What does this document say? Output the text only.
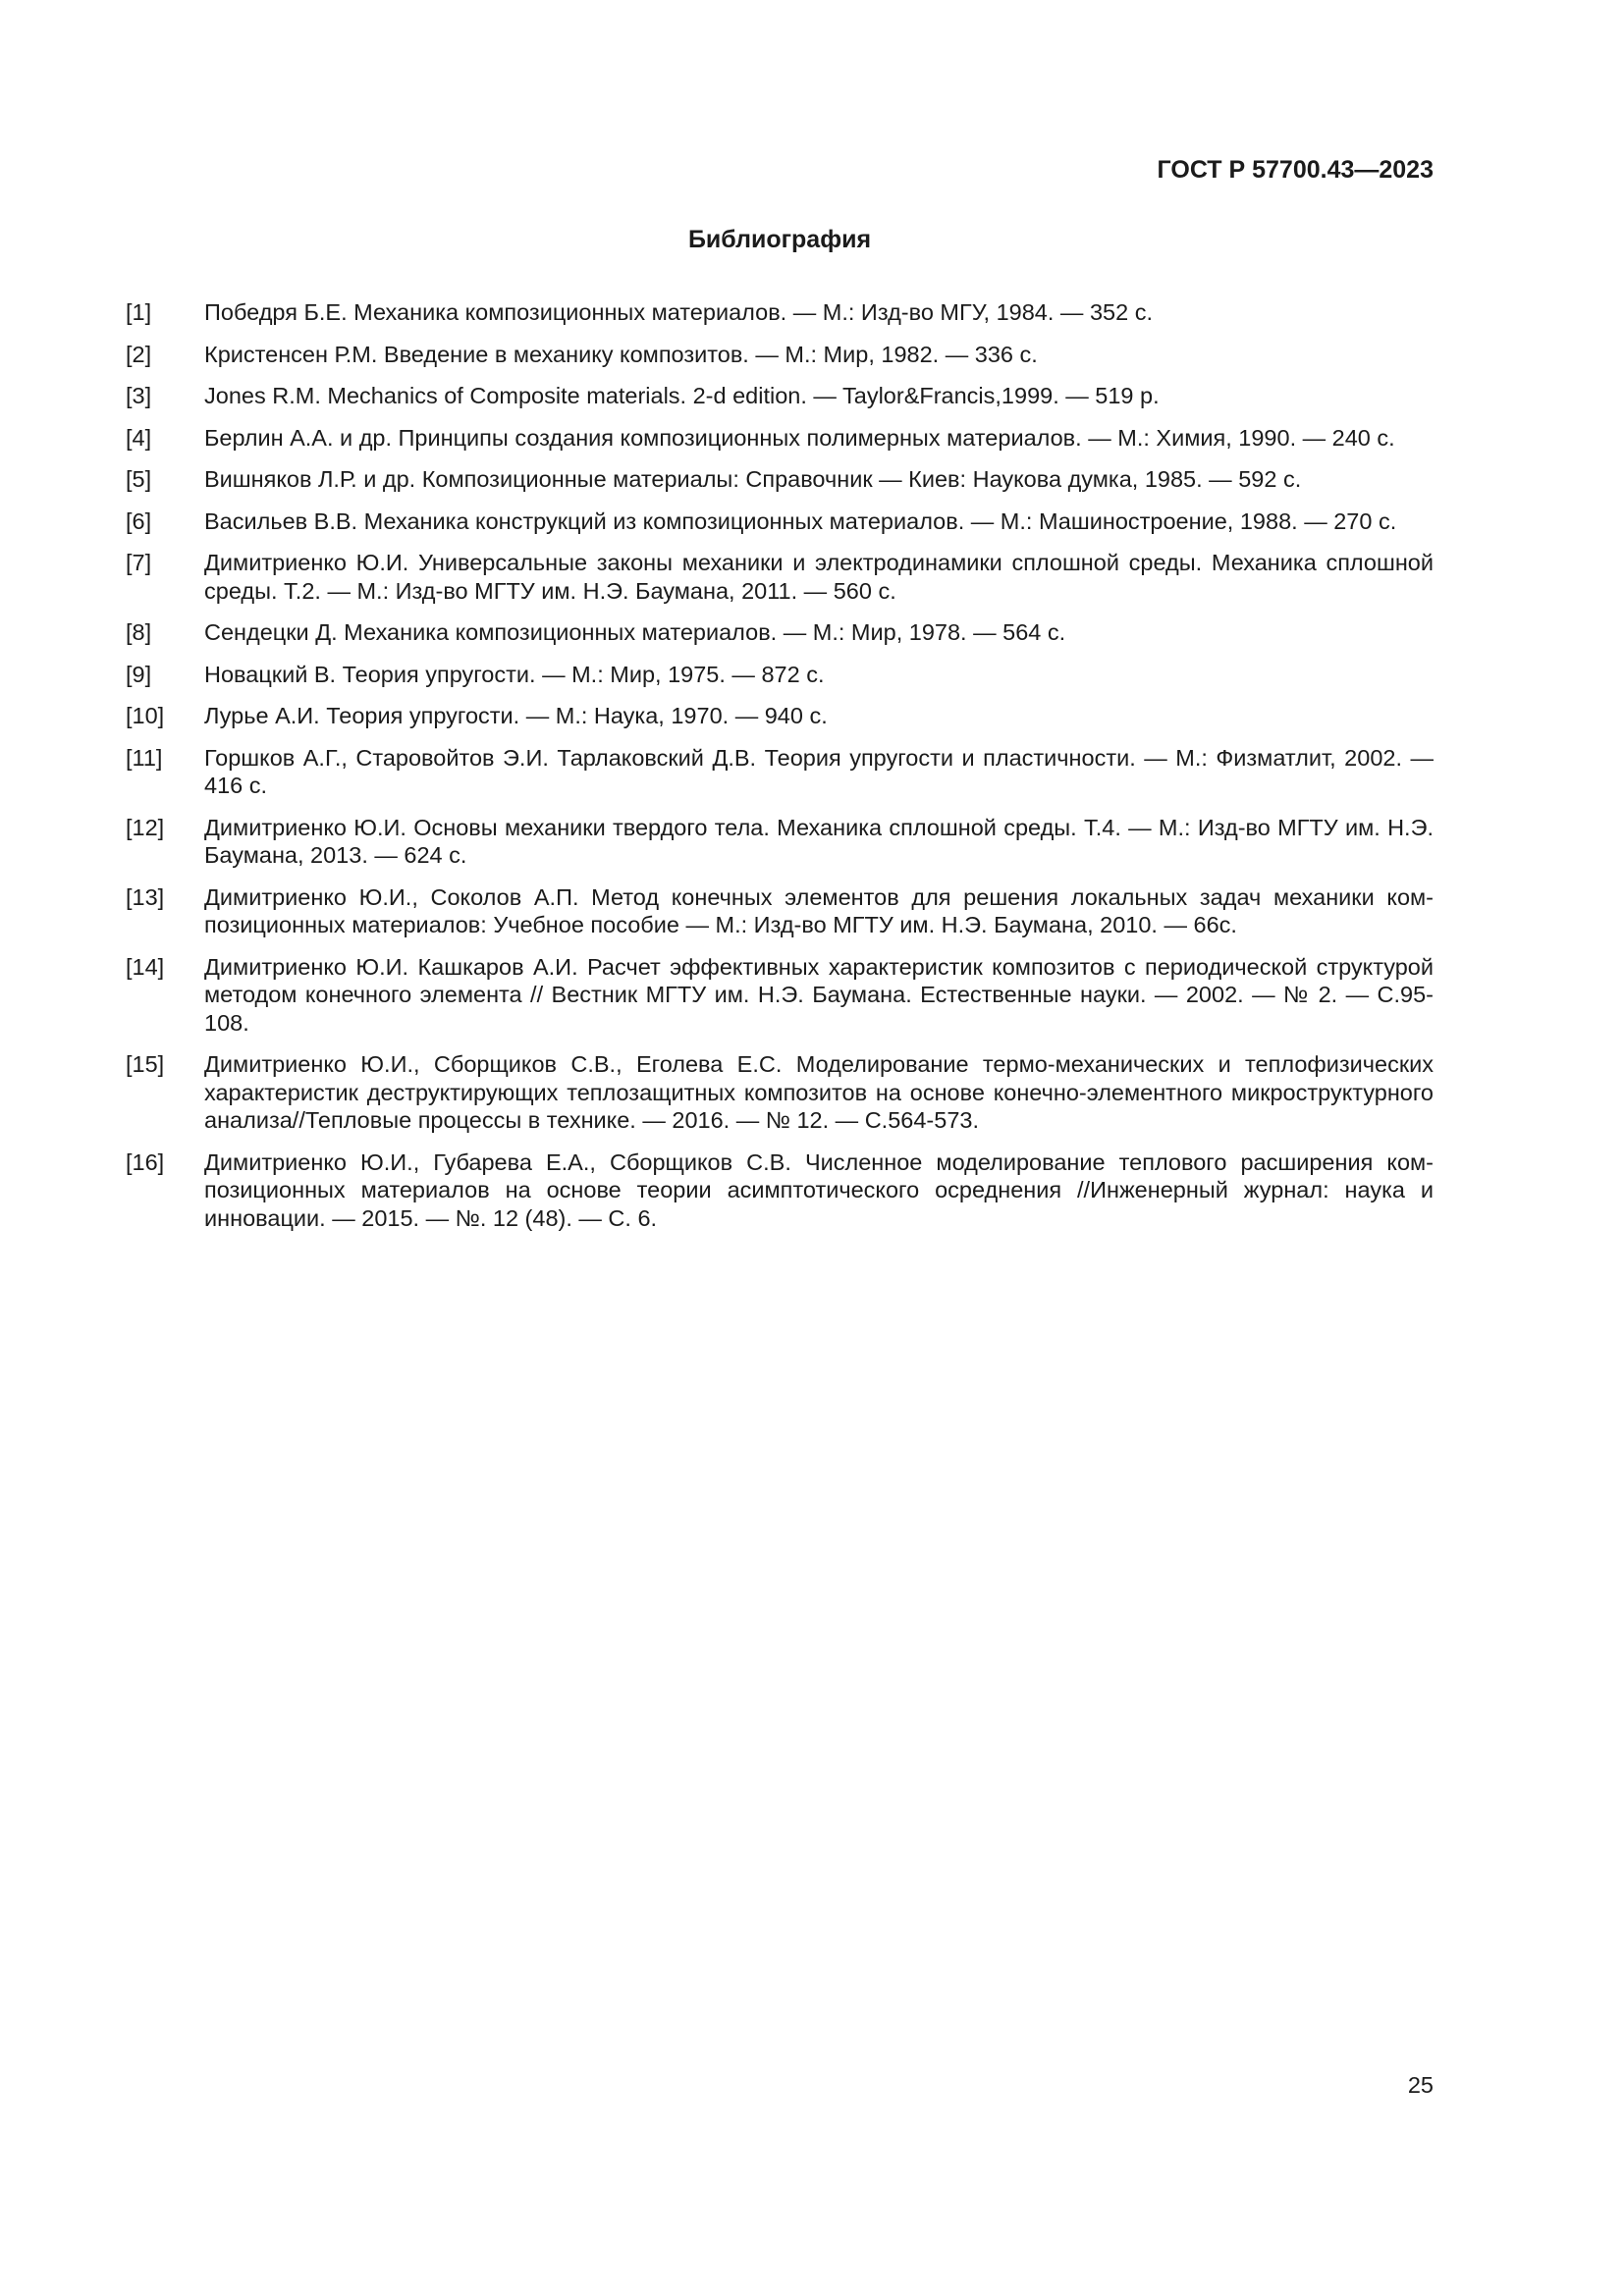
ГОСТ Р 57700.43—2023
Библиография
[1]	Победря Б.Е. Механика композиционных материалов. — М.: Изд-во МГУ, 1984. — 352 с.
[2]	Кристенсен Р.М. Введение в механику композитов. — М.: Мир, 1982. — 336 с.
[3]	Jones R.M. Mechanics of Composite materials. 2-d edition. — Taylor&Francis,1999. — 519 p.
[4]	Берлин А.А. и др. Принципы создания композиционных полимерных материалов. — М.: Химия, 1990. — 240 с.
[5]	Вишняков Л.Р. и др. Композиционные материалы: Справочник — Киев: Наукова думка, 1985. — 592 с.
[6]	Васильев В.В. Механика конструкций из композиционных материалов. — М.: Машиностроение, 1988. — 270 с.
[7]	Димитриенко Ю.И. Универсальные законы механики и электродинамики сплошной среды. Механика сплошной среды. Т.2. — М.: Изд-во МГТУ им. Н.Э. Баумана, 2011. — 560 с.
[8]	Сендецки Д. Механика композиционных материалов. — М.: Мир, 1978. — 564 с.
[9]	Новацкий В. Теория упругости. — М.: Мир, 1975. — 872 с.
[10]	Лурье А.И. Теория упругости. — М.: Наука, 1970. — 940 с.
[11]	Горшков А.Г., Старовойтов Э.И. Тарлаковский Д.В. Теория упругости и пластичности. — М.: Физматлит, 2002. — 416 с.
[12]	Димитриенко Ю.И. Основы механики твердого тела. Механика сплошной среды. Т.4. — М.: Изд-во МГТУ им. Н.Э. Баумана, 2013. — 624 с.
[13]	Димитриенко Ю.И., Соколов А.П. Метод конечных элементов для решения локальных задач механики композиционных материалов: Учебное пособие — М.: Изд-во МГТУ им. Н.Э. Баумана, 2010. — 66с.
[14]	Димитриенко Ю.И. Кашкаров А.И. Расчет эффективных характеристик композитов с периодической структурой методом конечного элемента // Вестник МГТУ им. Н.Э. Баумана. Естественные науки. — 2002. — № 2. — С.95-108.
[15]	Димитриенко Ю.И., Сборщиков С.В., Еголева Е.С. Моделирование термо-механических и теплофизических характеристик деструктирующих теплозащитных композитов на основе конечно-элементного микроструктурного анализа//Тепловые процессы в технике. — 2016. — № 12. — С.564-573.
[16]	Димитриенко Ю.И., Губарева Е.А., Сборщиков С.В. Численное моделирование теплового расширения композиционных материалов на основе теории асимптотического осреднения //Инженерный журнал: наука и инновации. — 2015. — №. 12 (48). — С. 6.
25
